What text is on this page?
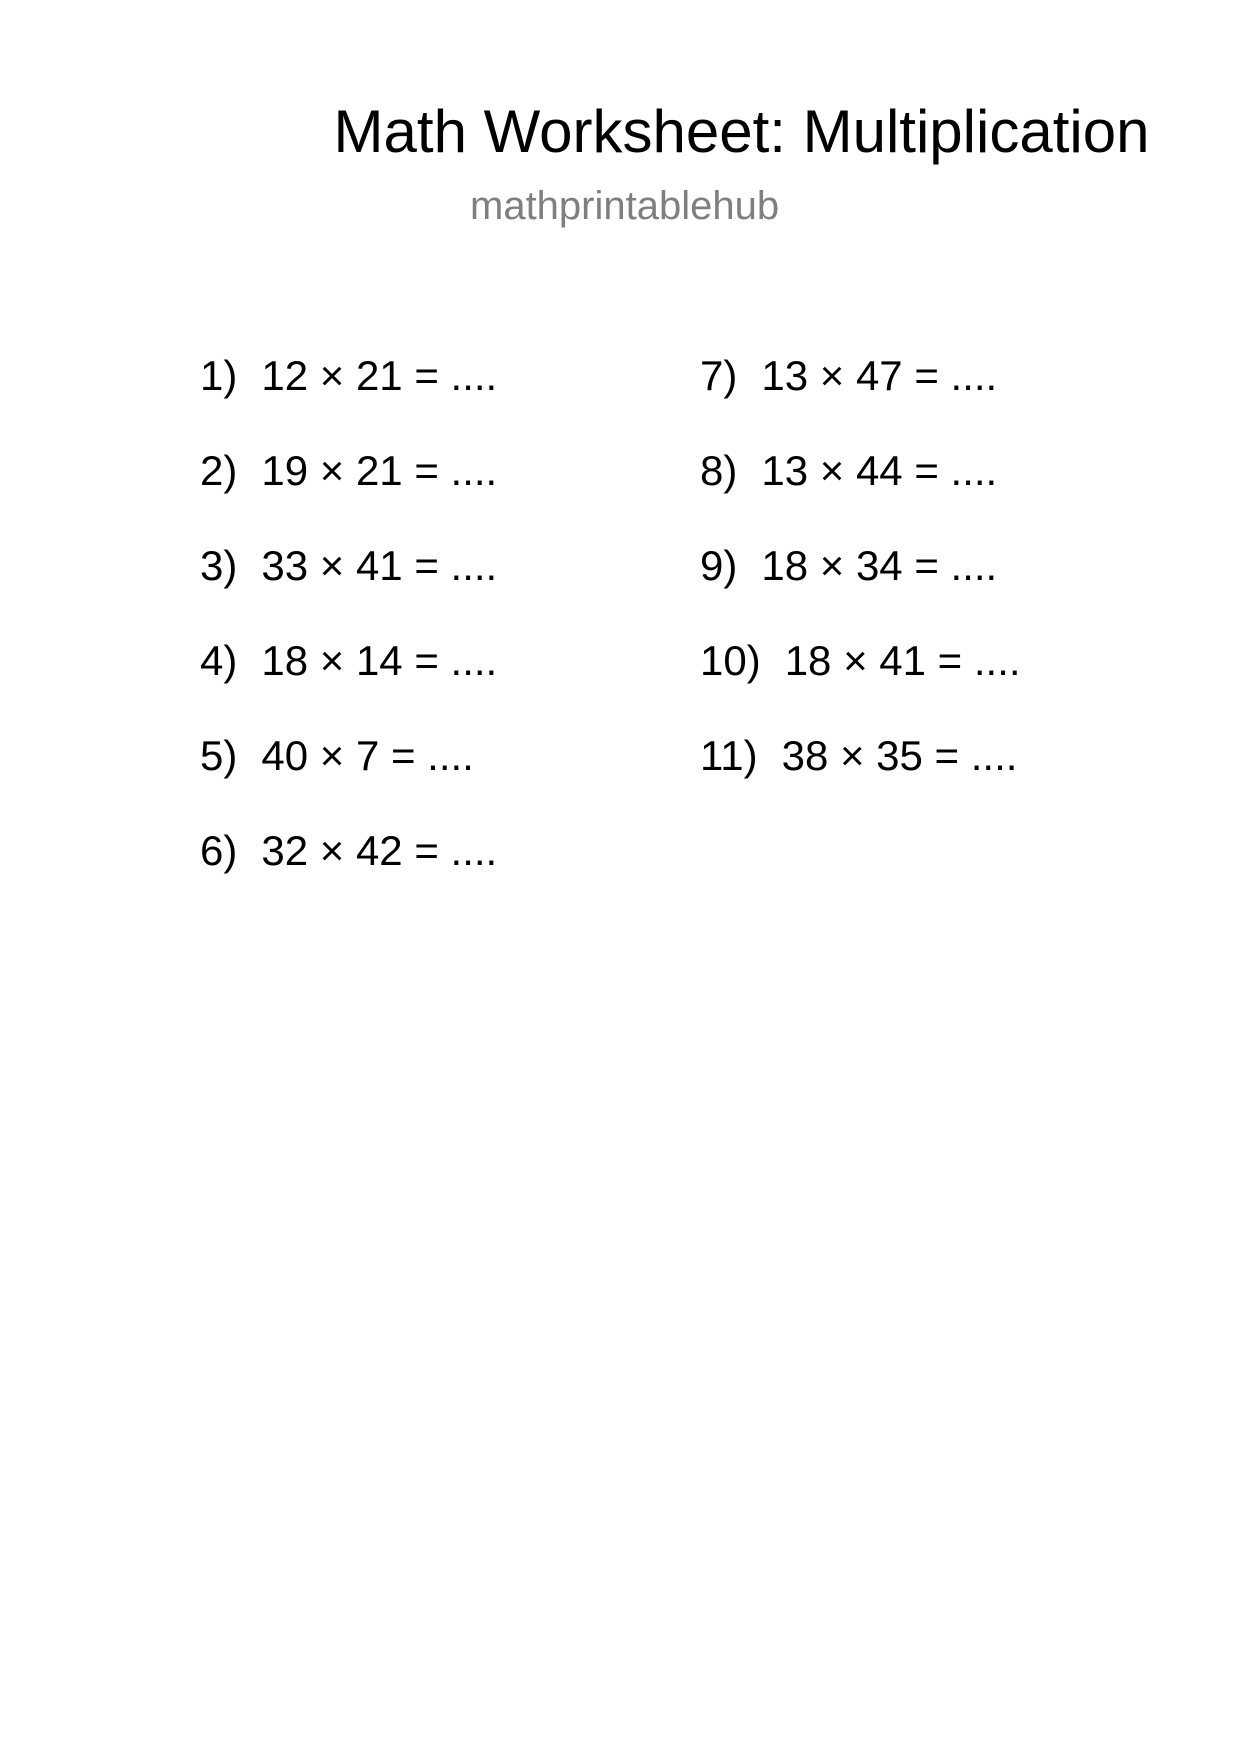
Math Worksheet: Multiplication
mathprintablehub
1) 12 × 21 = ....
2) 19 × 21 = ....
3) 33 × 41 = ....
4) 18 × 14 = ....
5) 40 × 7 = ....
6) 32 × 42 = ....
7) 13 × 47 = ....
8) 13 × 44 = ....
9) 18 × 34 = ....
10) 18 × 41 = ....
11) 38 × 35 = ....
